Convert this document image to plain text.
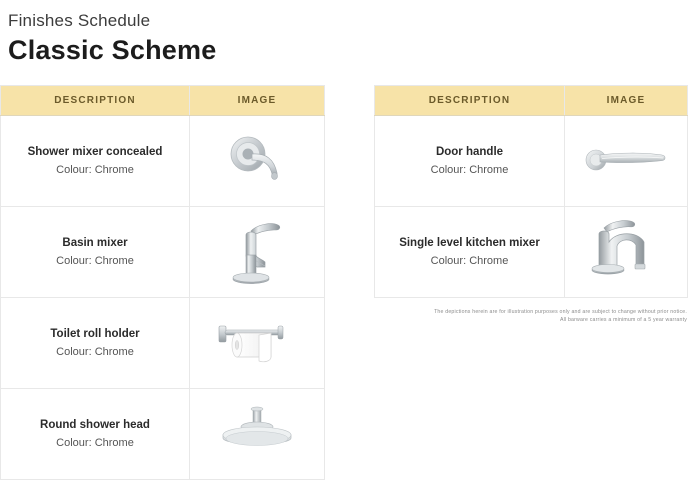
Finishes Schedule

Classic Scheme
DESCRIPTION	IMAGE

Shower mixer concealed

Colour: Chrome

Basin mixer

Colour: Chrome

Toilet roll holder

Colour: Chrome

Round shower head

Colour: Chrome

DESCRIPTION	IMAGE

Door handle

Colour: Chrome

Single level kitchen mixer

Colour: Chrome

The depictions herein are for illustration purposes only and are subject to change without prior notice.
All barware carries a minimum of a 5 year warranty
